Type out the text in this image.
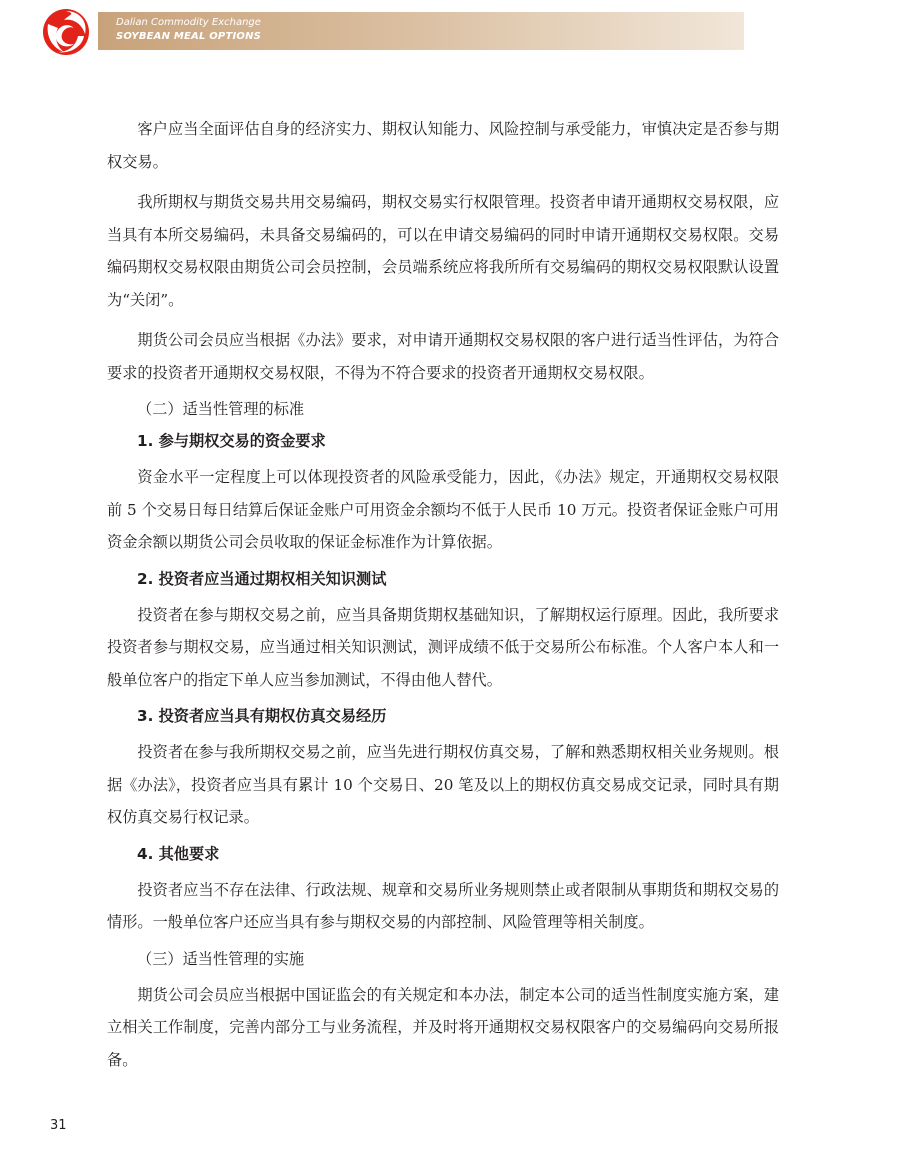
Dalian Commodity Exchange
SOYBEAN MEAL OPTIONS

客户应当全面评估自身的经济实力、期权认知能力、风险控制与承受能力，审慎决定是否参与期权交易。

我所期权与期货交易共用交易编码，期权交易实行权限管理。投资者申请开通期权交易权限，应当具有本所交易编码，未具备交易编码的，可以在申请交易编码的同时申请开通期权交易权限。交易编码期权交易权限由期货公司会员控制，会员端系统应将我所所有交易编码的期权交易权限默认设置为“关闭”。

期货公司会员应当根据《办法》要求，对申请开通期权交易权限的客户进行适当性评估，为符合要求的投资者开通期权交易权限，不得为不符合要求的投资者开通期权交易权限。

（二）适当性管理的标准
1. 参与期权交易的资金要求

资金水平一定程度上可以体现投资者的风险承受能力，因此，《办法》规定，开通期权交易权限前 5 个交易日每日结算后保证金账户可用资金余额均不低于人民币 10 万元。投资者保证金账户可用资金余额以期货公司会员收取的保证金标准作为计算依据。

2. 投资者应当通过期权相关知识测试

投资者在参与期权交易之前，应当具备期货期权基础知识，了解期权运行原理。因此，我所要求投资者参与期权交易，应当通过相关知识测试，测评成绩不低于交易所公布标准。个人客户本人和一般单位客户的指定下单人应当参加测试，不得由他人替代。

3. 投资者应当具有期权仿真交易经历

投资者在参与我所期权交易之前，应当先进行期权仿真交易，了解和熟悉期权相关业务规则。根据《办法》，投资者应当具有累计 10 个交易日、20 笔及以上的期权仿真交易成交记录，同时具有期权仿真交易行权记录。

4. 其他要求

投资者应当不存在法律、行政法规、规章和交易所业务规则禁止或者限制从事期货和期权交易的情形。一般单位客户还应当具有参与期权交易的内部控制、风险管理等相关制度。

（三）适当性管理的实施

期货公司会员应当根据中国证监会的有关规定和本办法，制定本公司的适当性制度实施方案，建立相关工作制度，完善内部分工与业务流程，并及时将开通期权交易权限客户的交易编码向交易所报备。

31
